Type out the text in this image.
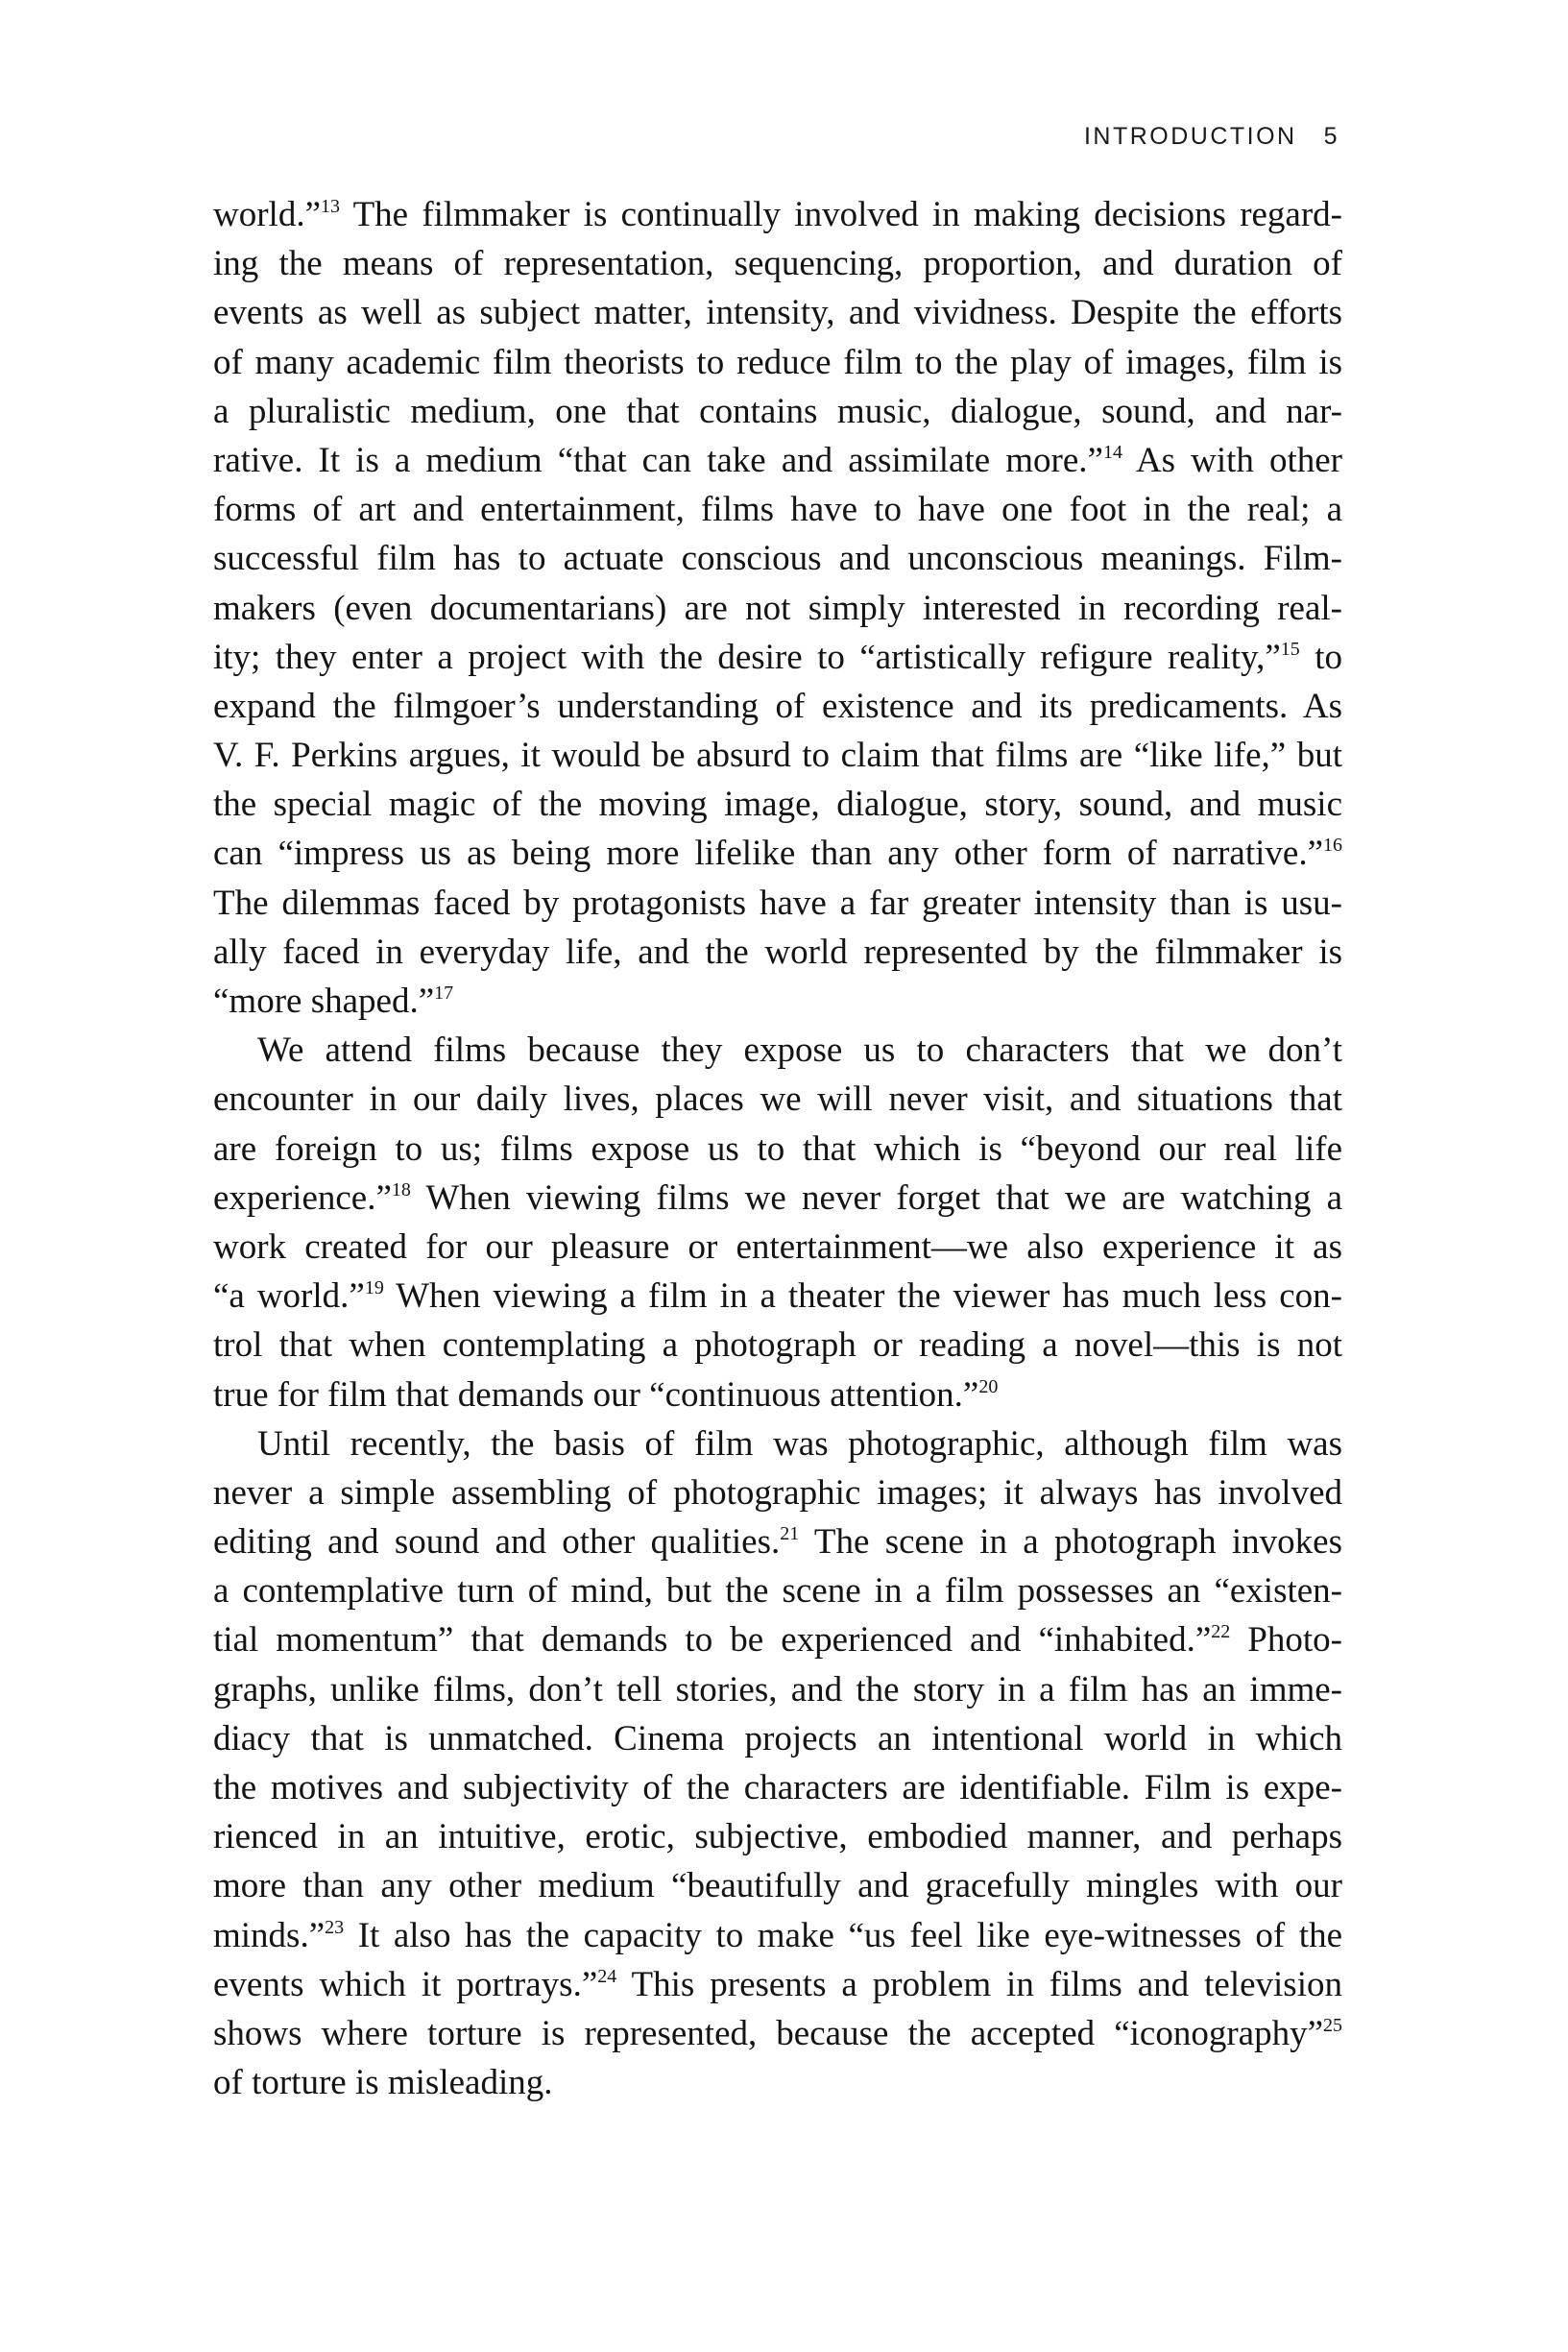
INTRODUCTION 5
world.”$^{13}$ The filmmaker is continually involved in making decisions regard-
ing the means of representation, sequencing, proportion, and duration of
events as well as subject matter, intensity, and vividness. Despite the efforts
of many academic film theorists to reduce film to the play of images, film is
a pluralistic medium, one that contains music, dialogue, sound, and nar-
rative. It is a medium “that can take and assimilate more.”$^{14}$ As with other
forms of art and entertainment, films have to have one foot in the real; a
successful film has to actuate conscious and unconscious meanings. Film-
makers (even documentarians) are not simply interested in recording real-
ity; they enter a project with the desire to “artistically refigure reality,”$^{15}$ to
expand the filmgoer’s understanding of existence and its predicaments. As
V. F. Perkins argues, it would be absurd to claim that films are “like life,” but
the special magic of the moving image, dialogue, story, sound, and music
can “impress us as being more lifelike than any other form of narrative.”$^{16}$
The dilemmas faced by protagonists have a far greater intensity than is usu-
ally faced in everyday life, and the world represented by the filmmaker is
“more shaped.”$^{17}$
We attend films because they expose us to characters that we don’t
encounter in our daily lives, places we will never visit, and situations that
are foreign to us; films expose us to that which is “beyond our real life
experience.”$^{18}$ When viewing films we never forget that we are watching a
work created for our pleasure or entertainment—we also experience it as
“a world.”$^{19}$ When viewing a film in a theater the viewer has much less con-
trol that when contemplating a photograph or reading a novel—this is not
true for film that demands our “continuous attention.”$^{20}$
Until recently, the basis of film was photographic, although film was
never a simple assembling of photographic images; it always has involved
editing and sound and other qualities.$^{21}$ The scene in a photograph invokes
a contemplative turn of mind, but the scene in a film possesses an “existen-
tial momentum” that demands to be experienced and “inhabited.”$^{22}$ Photo-
graphs, unlike films, don’t tell stories, and the story in a film has an imme-
diacy that is unmatched. Cinema projects an intentional world in which
the motives and subjectivity of the characters are identifiable. Film is expe-
rienced in an intuitive, erotic, subjective, embodied manner, and perhaps
more than any other medium “beautifully and gracefully mingles with our
minds.”$^{23}$ It also has the capacity to make “us feel like eye-witnesses of the
events which it portrays.”$^{24}$ This presents a problem in films and television
shows where torture is represented, because the accepted “iconography”$^{25}$
of torture is misleading.
